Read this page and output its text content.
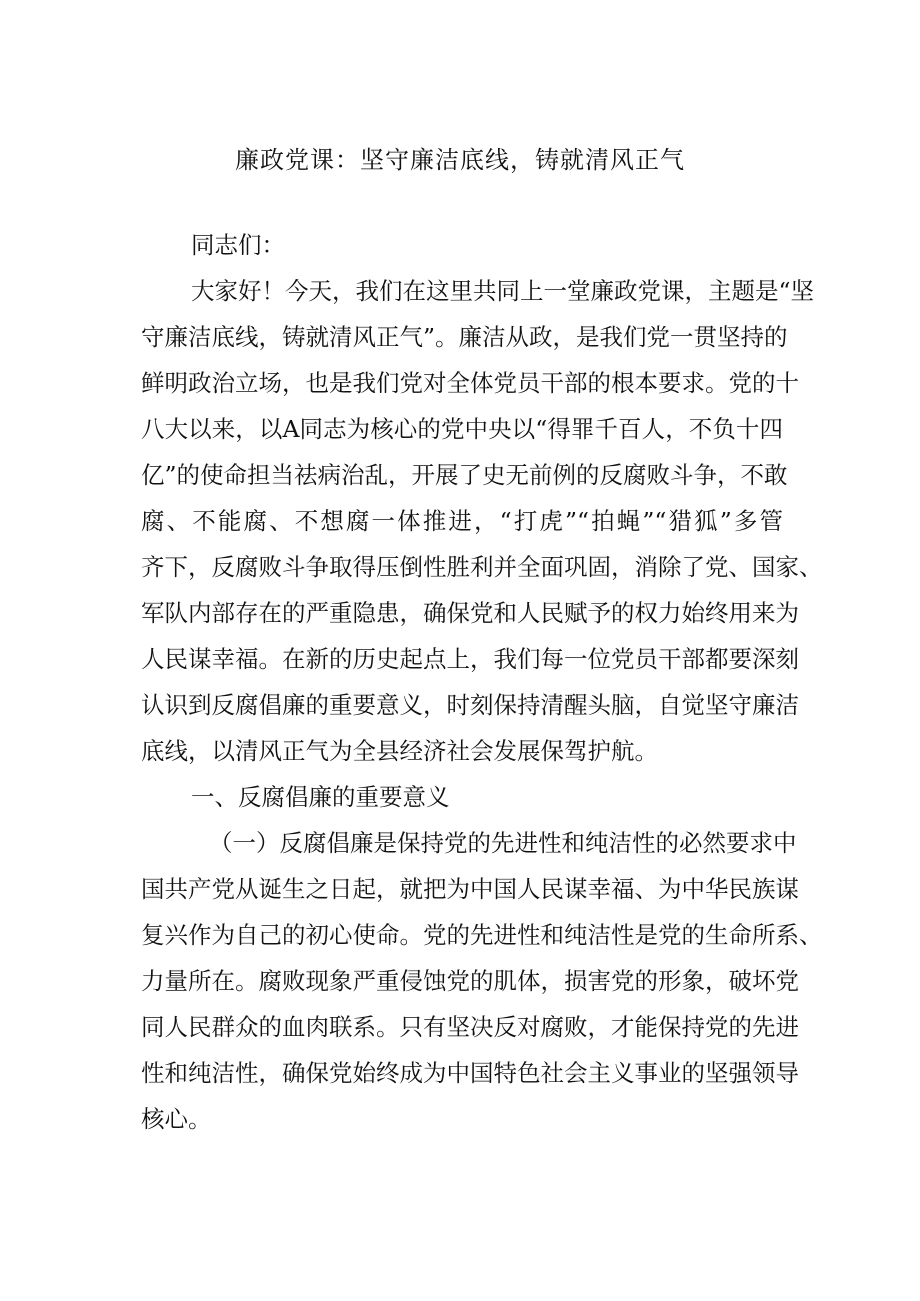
廉政党课：坚守廉洁底线，铸就清风正气
同志们：
大家好！今天，我们在这里共同上一堂廉政党课，主题是“坚
守廉洁底线，铸就清风正气”。廉洁从政，是我们党一贯坚持的
鲜明政治立场，也是我们党对全体党员干部的根本要求。党的十
八大以来，以A同志为核心的党中央以“得罪千百人，不负十四
亿”的使命担当祛病治乱，开展了史无前例的反腐败斗争，不敢
腐、不能腐、不想腐一体推进，“打虎”“拍蝇”“猎狐”多管
齐下，反腐败斗争取得压倒性胜利并全面巩固，消除了党、国家、
军队内部存在的严重隐患，确保党和人民赋予的权力始终用来为
人民谋幸福。在新的历史起点上，我们每一位党员干部都要深刻
认识到反腐倡廉的重要意义，时刻保持清醒头脑，自觉坚守廉洁
底线，以清风正气为全县经济社会发展保驾护航。
一、反腐倡廉的重要意义
（一）反腐倡廉是保持党的先进性和纯洁性的必然要求中
国共产党从诞生之日起，就把为中国人民谋幸福、为中华民族谋
复兴作为自己的初心使命。党的先进性和纯洁性是党的生命所系、
力量所在。腐败现象严重侵蚀党的肌体，损害党的形象，破坏党
同人民群众的血肉联系。只有坚决反对腐败，才能保持党的先进
性和纯洁性，确保党始终成为中国特色社会主义事业的坚强领导
核心。
